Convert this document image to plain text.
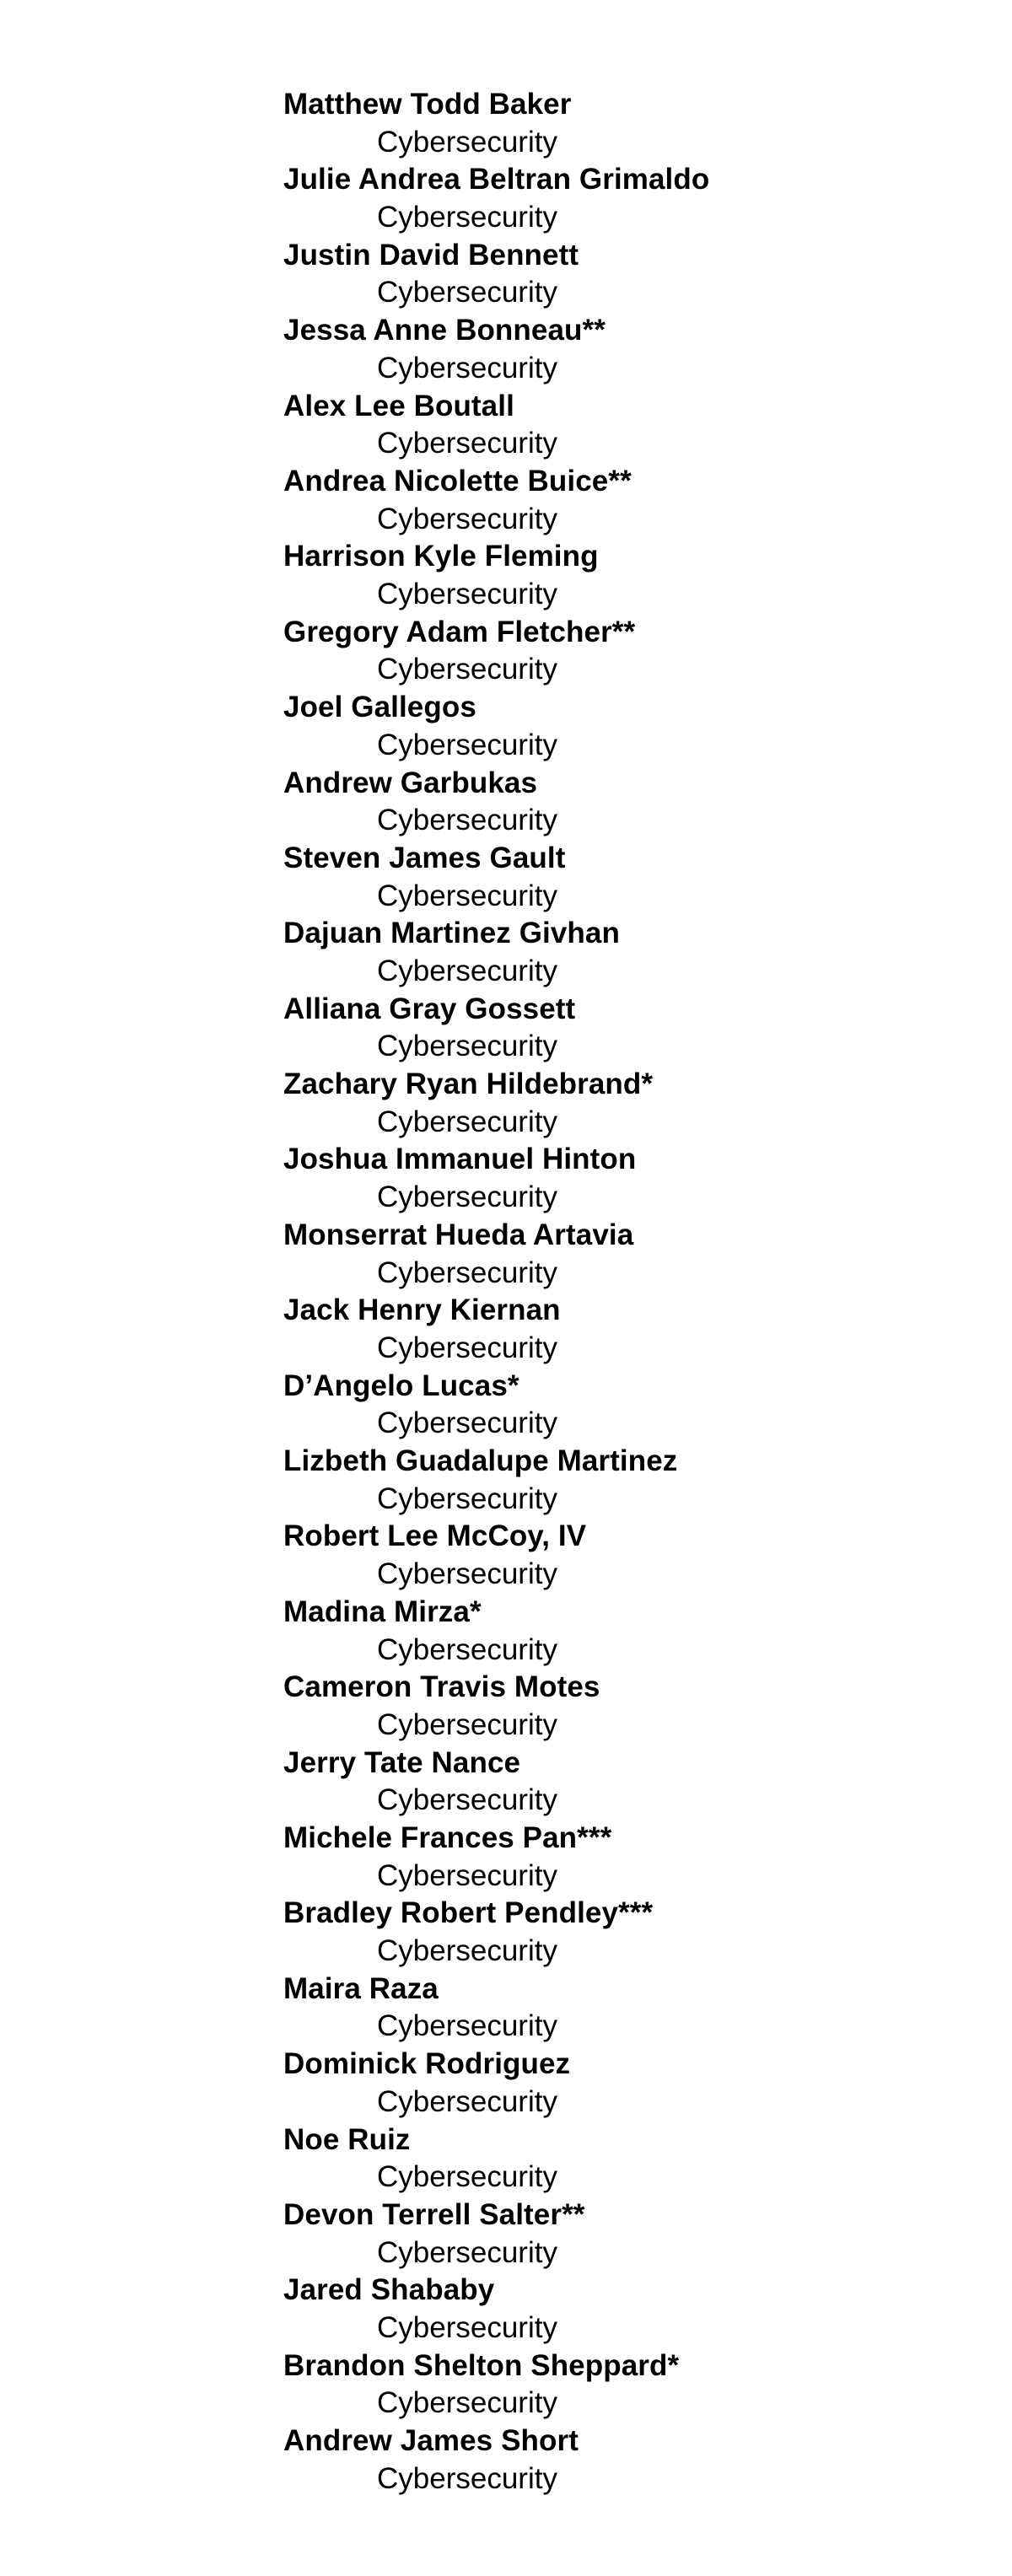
Matthew Todd Baker
Cybersecurity
Julie Andrea Beltran Grimaldo
Cybersecurity
Justin David Bennett
Cybersecurity
Jessa Anne Bonneau**
Cybersecurity
Alex Lee Boutall
Cybersecurity
Andrea Nicolette Buice**
Cybersecurity
Harrison Kyle Fleming
Cybersecurity
Gregory Adam Fletcher**
Cybersecurity
Joel Gallegos
Cybersecurity
Andrew Garbukas
Cybersecurity
Steven James Gault
Cybersecurity
Dajuan Martinez Givhan
Cybersecurity
Alliana Gray Gossett
Cybersecurity
Zachary Ryan Hildebrand*
Cybersecurity
Joshua Immanuel Hinton
Cybersecurity
Monserrat Hueda Artavia
Cybersecurity
Jack Henry Kiernan
Cybersecurity
D’Angelo Lucas*
Cybersecurity
Lizbeth Guadalupe Martinez
Cybersecurity
Robert Lee McCoy, IV
Cybersecurity
Madina Mirza*
Cybersecurity
Cameron Travis Motes
Cybersecurity
Jerry Tate Nance
Cybersecurity
Michele Frances Pan***
Cybersecurity
Bradley Robert Pendley***
Cybersecurity
Maira Raza
Cybersecurity
Dominick Rodriguez
Cybersecurity
Noe Ruiz
Cybersecurity
Devon Terrell Salter**
Cybersecurity
Jared Shababy
Cybersecurity
Brandon Shelton Sheppard*
Cybersecurity
Andrew James Short
Cybersecurity
